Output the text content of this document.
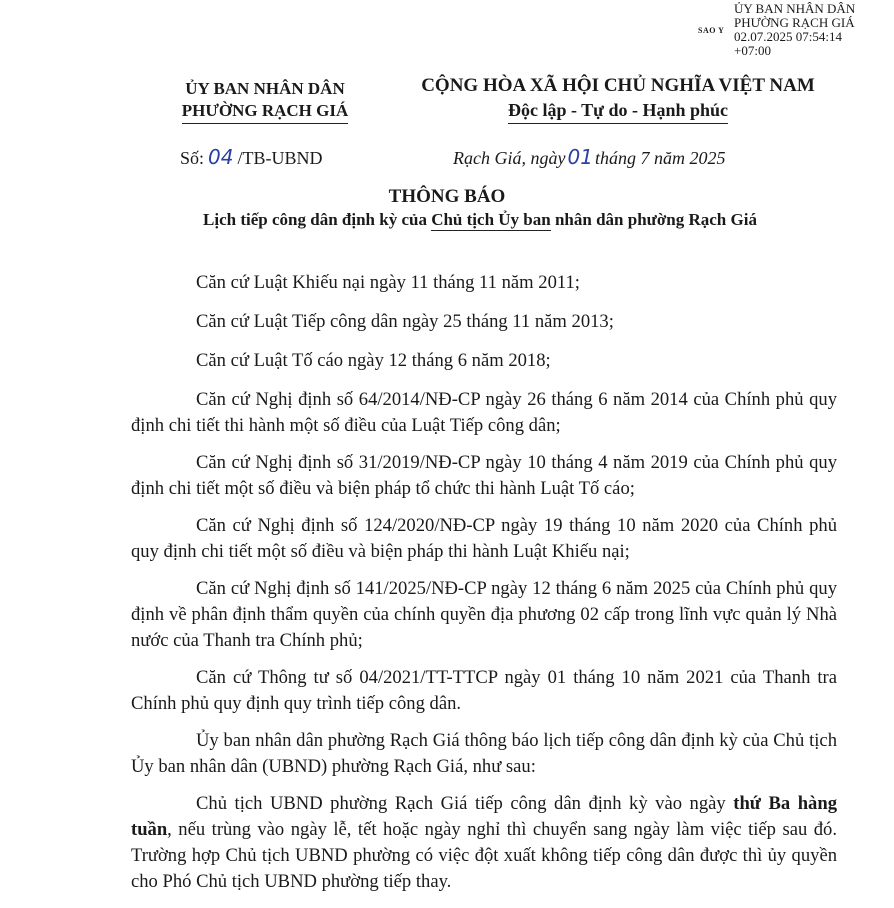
SAO Y
ỦY BAN NHÂN DÂN
PHƯỜNG RẠCH GIÁ
02.07.2025 07:54:14
+07:00
ỦY BAN NHÂN DÂN
PHƯỜNG RẠCH GIÁ
CỘNG HÒA XÃ HỘI CHỦ NGHĨA VIỆT NAM
Độc lập - Tự do - Hạnh phúc
Số: 04 /TB-UBND	Rạch Giá, ngày 01 tháng 7 năm 2025
THÔNG BÁO
Lịch tiếp công dân định kỳ của Chủ tịch Ủy ban nhân dân phường Rạch Giá

Căn cứ Luật Khiếu nại ngày 11 tháng 11 năm 2011;

Căn cứ Luật Tiếp công dân ngày 25 tháng 11 năm 2013;

Căn cứ Luật Tố cáo ngày 12 tháng 6 năm 2018;

Căn cứ Nghị định số 64/2014/NĐ-CP ngày 26 tháng 6 năm 2014 của Chính phủ quy định chi tiết thi hành một số điều của Luật Tiếp công dân;

Căn cứ Nghị định số 31/2019/NĐ-CP ngày 10 tháng 4 năm 2019 của Chính phủ quy định chi tiết một số điều và biện pháp tổ chức thi hành Luật Tố cáo;

Căn cứ Nghị định số 124/2020/NĐ-CP ngày 19 tháng 10 năm 2020 của Chính phủ quy định chi tiết một số điều và biện pháp thi hành Luật Khiếu nại;

Căn cứ Nghị định số 141/2025/NĐ-CP ngày 12 tháng 6 năm 2025 của Chính phủ quy định về phân định thẩm quyền của chính quyền địa phương 02 cấp trong lĩnh vực quản lý Nhà nước của Thanh tra Chính phủ;

Căn cứ Thông tư số 04/2021/TT-TTCP ngày 01 tháng 10 năm 2021 của Thanh tra Chính phủ quy định quy trình tiếp công dân.

Ủy ban nhân dân phường Rạch Giá thông báo lịch tiếp công dân định kỳ của Chủ tịch Ủy ban nhân dân (UBND) phường Rạch Giá, như sau:

Chủ tịch UBND phường Rạch Giá tiếp công dân định kỳ vào ngày thứ Ba hàng tuần, nếu trùng vào ngày lễ, tết hoặc ngày nghỉ thì chuyển sang ngày làm việc tiếp sau đó. Trường hợp Chủ tịch UBND phường có việc đột xuất không tiếp công dân được thì ủy quyền cho Phó Chủ tịch UBND phường tiếp thay.
